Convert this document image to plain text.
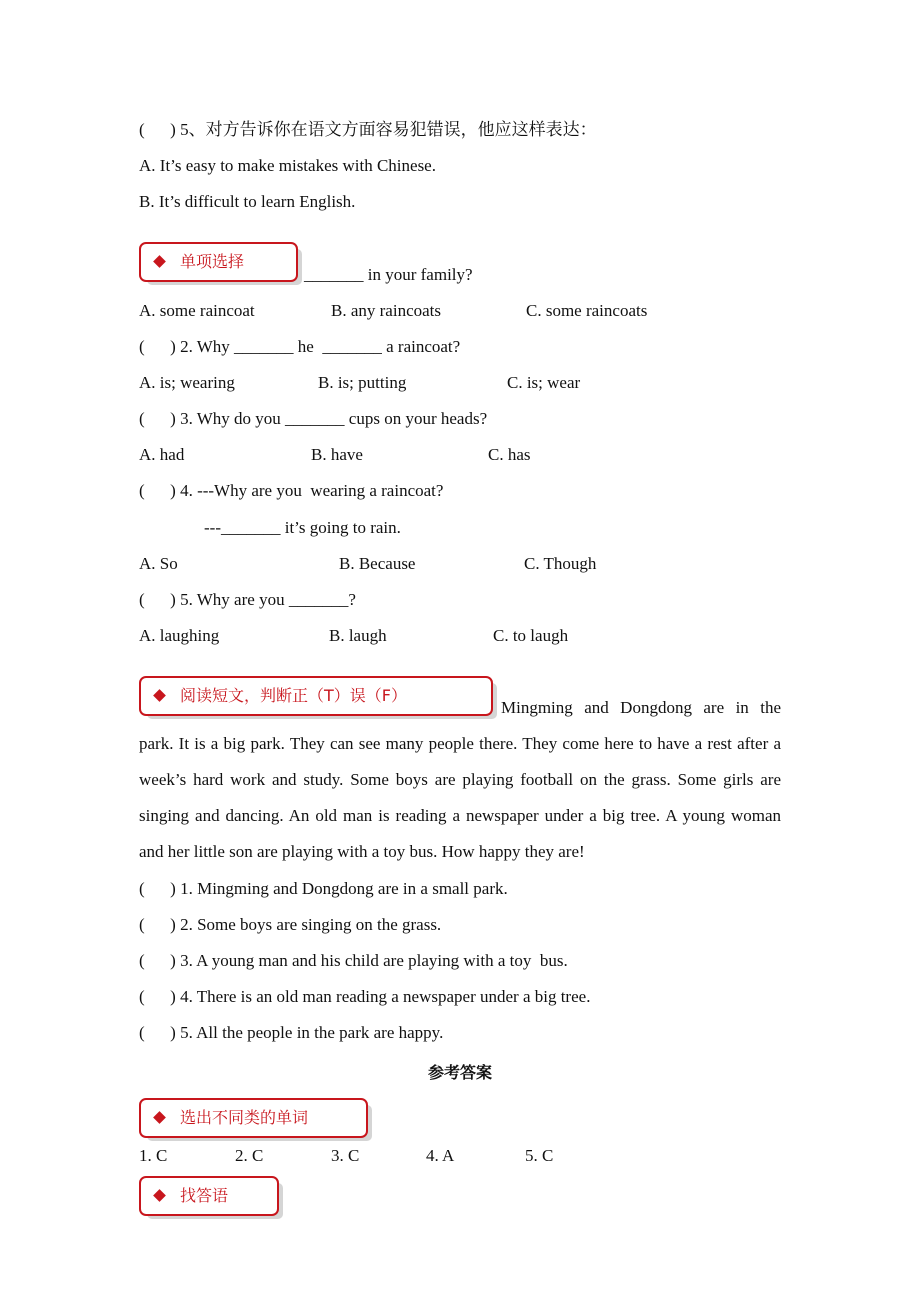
(      ) 5、对方告诉你在语文方面容易犯错误，他应这样表达：
A. It’s easy to make mistakes with Chinese.
B. It’s difficult to learn English.
_______ in your family?
单项选择
A. some raincoat	B. any raincoats	C. some raincoats
(      ) 2. Why _______ he  _______ a raincoat?
A. is; wearing	B. is; putting	C. is; wear
(      ) 3. Why do you _______ cups on your heads?
A. had	B. have	C. has
(      ) 4. ---Why are you  wearing a raincoat?
---_______ it’s going to rain.
A. So	B. Because	C. Though
(      ) 5. Why are you _______?
A. laughing	B. laugh	C. to laugh
Mingming and Dongdong are in the park. It is a big park. They can see many people there. They come here to have a rest after a week’s hard work and study. Some boys are playing football on the grass. Some girls are singing and dancing. An old man is reading a newspaper under a big tree. A young woman and her little son are playing with a toy bus. How happy they are!
阅读短文，判断正（T）误（F）
(      ) 1. Mingming and Dongdong are in a small park.
(      ) 2. Some boys are singing on the grass.
(      ) 3. A young man and his child are playing with a toy  bus.
(      ) 4. There is an old man reading a newspaper under a big tree.
(      ) 5. All the people in the park are happy.
参考答案
选出不同类的单词
1. C	2. C	3. C	4. A	5. C
找答语
